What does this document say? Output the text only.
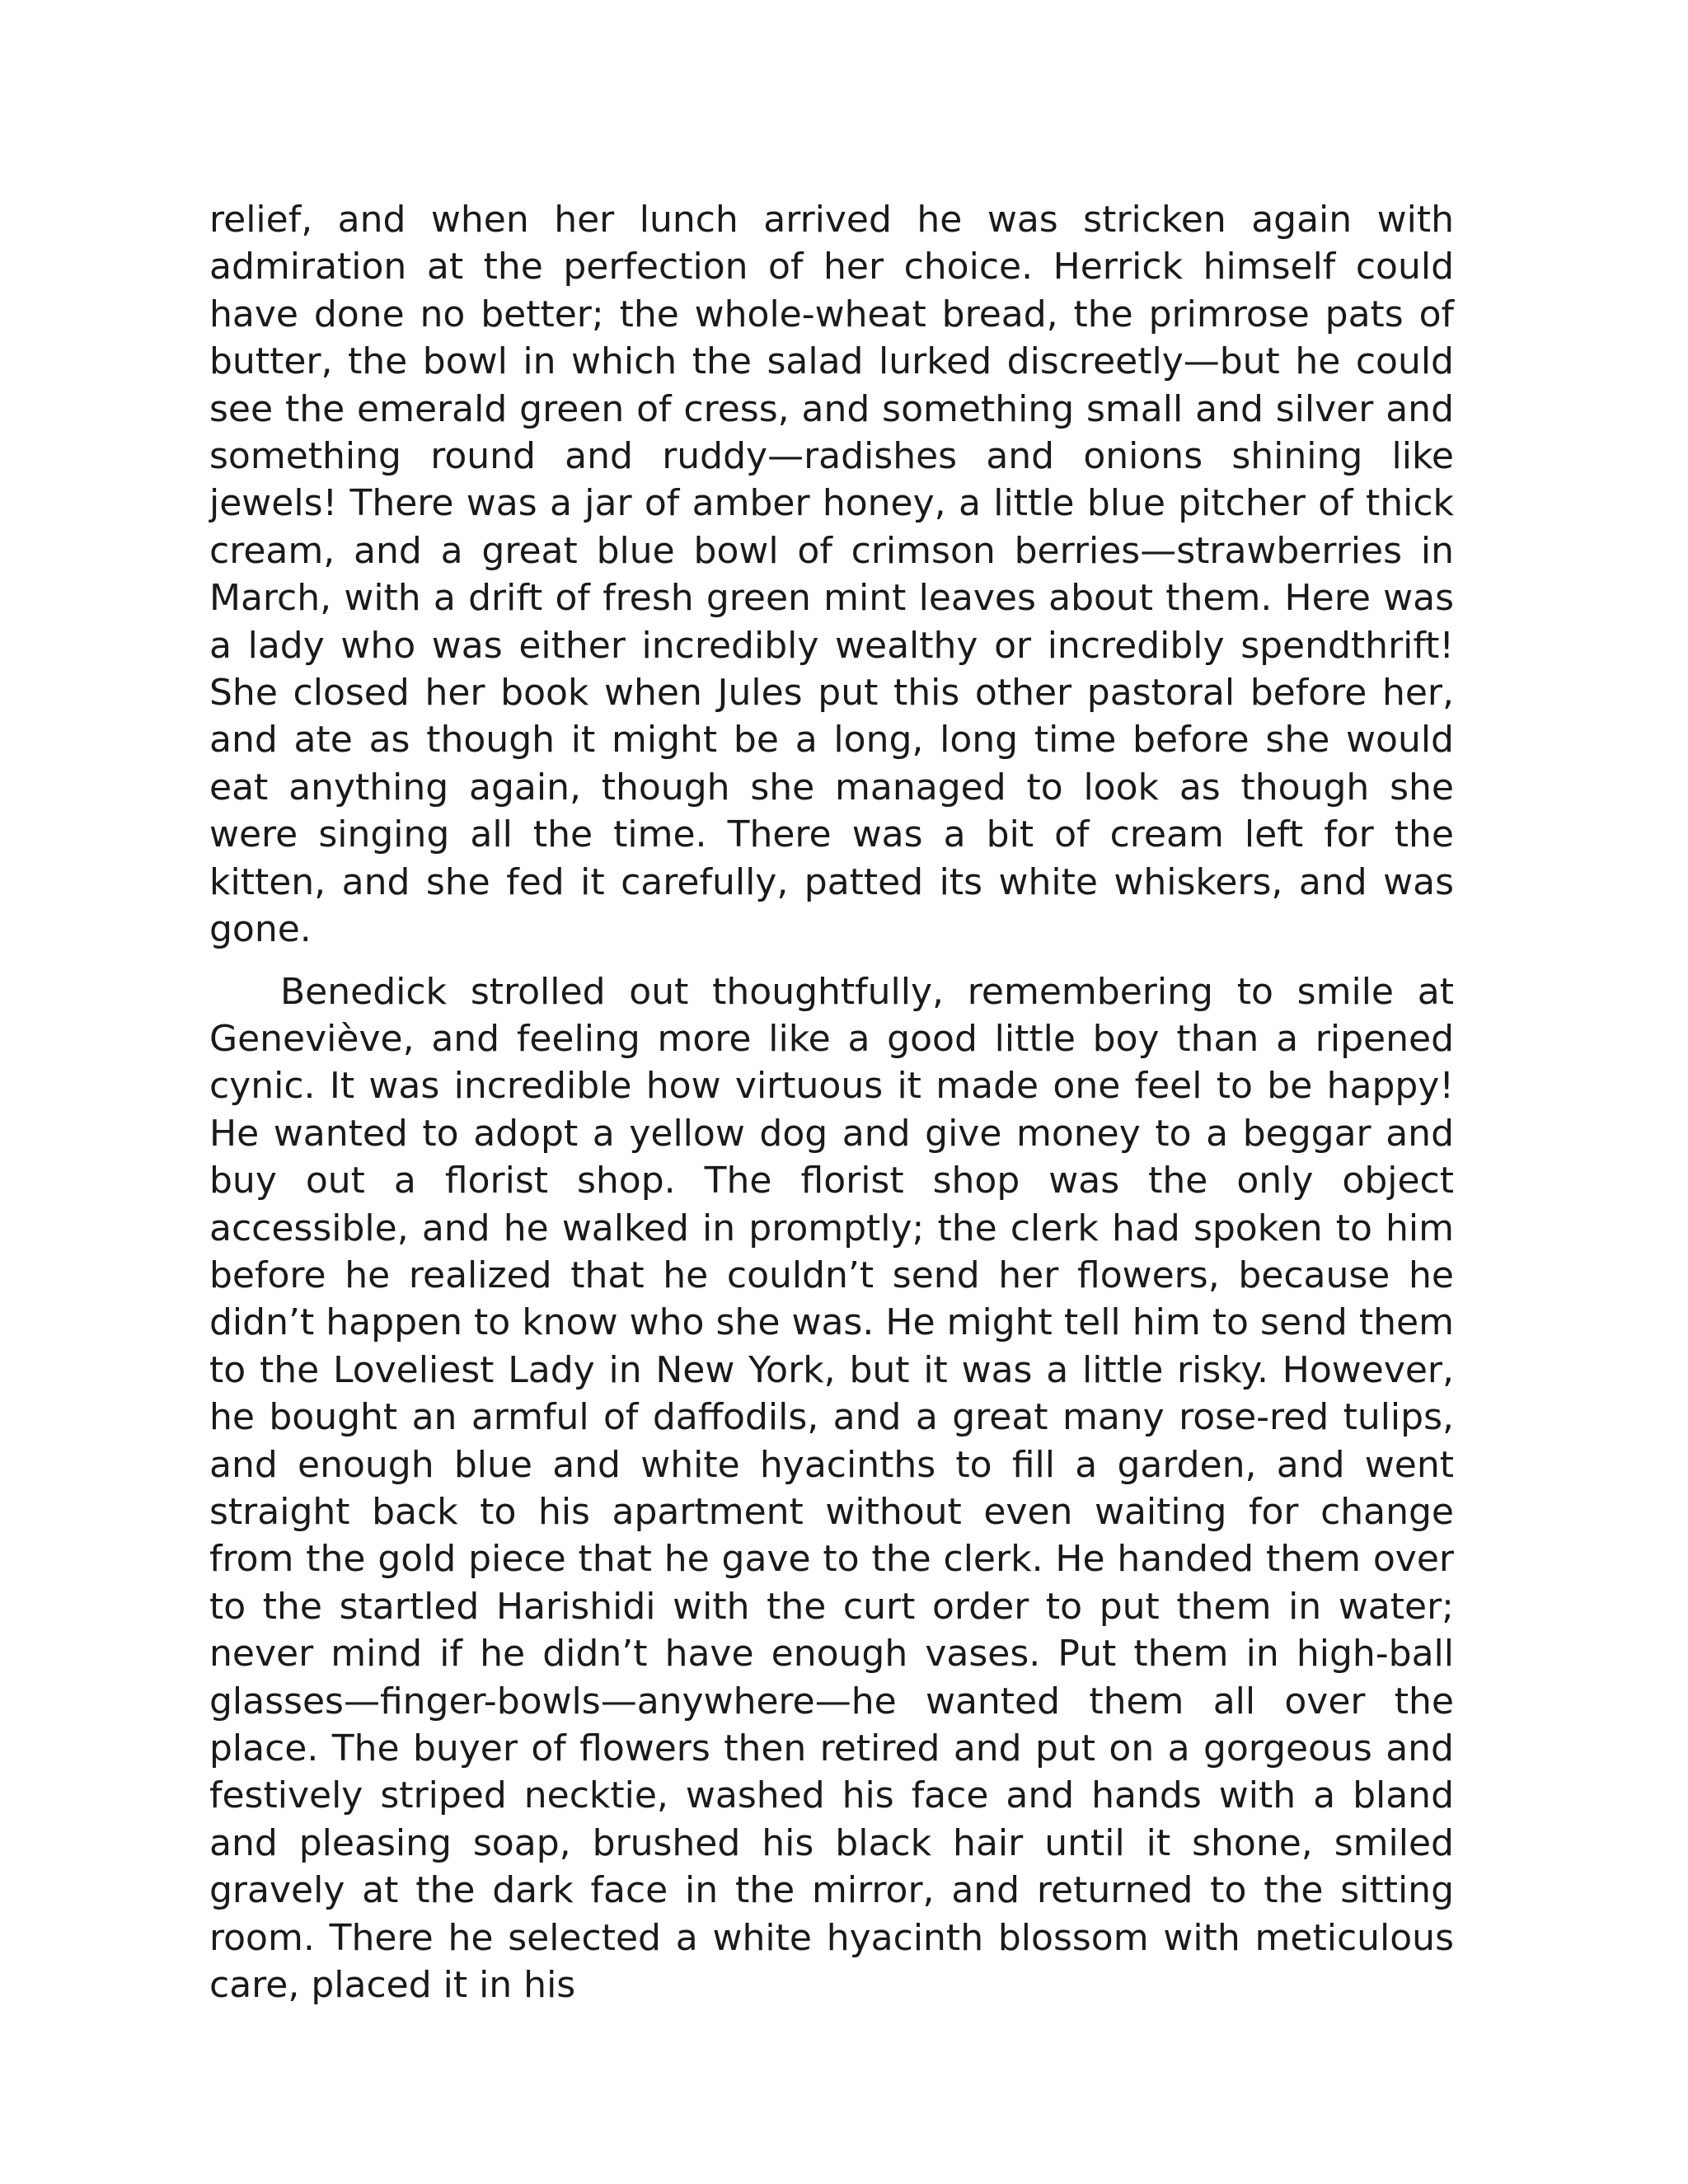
relief, and when her lunch arrived he was stricken again with admiration at the perfection of her choice. Herrick himself could have done no better; the whole-wheat bread, the primrose pats of butter, the bowl in which the salad lurked discreetly—but he could see the emerald green of cress, and something small and silver and something round and ruddy—radishes and onions shining like jewels! There was a jar of amber honey, a little blue pitcher of thick cream, and a great blue bowl of crimson berries—strawberries in March, with a drift of fresh green mint leaves about them. Here was a lady who was either incredibly wealthy or incredibly spendthrift! She closed her book when Jules put this other pastoral before her, and ate as though it might be a long, long time before she would eat anything again, though she managed to look as though she were singing all the time. There was a bit of cream left for the kitten, and she fed it carefully, patted its white whiskers, and was gone.

Benedick strolled out thoughtfully, remembering to smile at Geneviève, and feeling more like a good little boy than a ripened cynic. It was incredible how virtuous it made one feel to be happy! He wanted to adopt a yellow dog and give money to a beggar and buy out a florist shop. The florist shop was the only object accessible, and he walked in promptly; the clerk had spoken to him before he realized that he couldn’t send her flowers, because he didn’t happen to know who she was. He might tell him to send them to the Loveliest Lady in New York, but it was a little risky. However, he bought an armful of daffodils, and a great many rose-red tulips, and enough blue and white hyacinths to fill a garden, and went straight back to his apartment without even waiting for change from the gold piece that he gave to the clerk. He handed them over to the startled Harishidi with the curt order to put them in water; never mind if he didn’t have enough vases. Put them in high-ball glasses—finger-bowls—anywhere—he wanted them all over the place. The buyer of flowers then retired and put on a gorgeous and festively striped necktie, washed his face and hands with a bland and pleasing soap, brushed his black hair until it shone, smiled gravely at the dark face in the mirror, and returned to the sitting room. There he selected a white hyacinth blossom with meticulous care, placed it in his
